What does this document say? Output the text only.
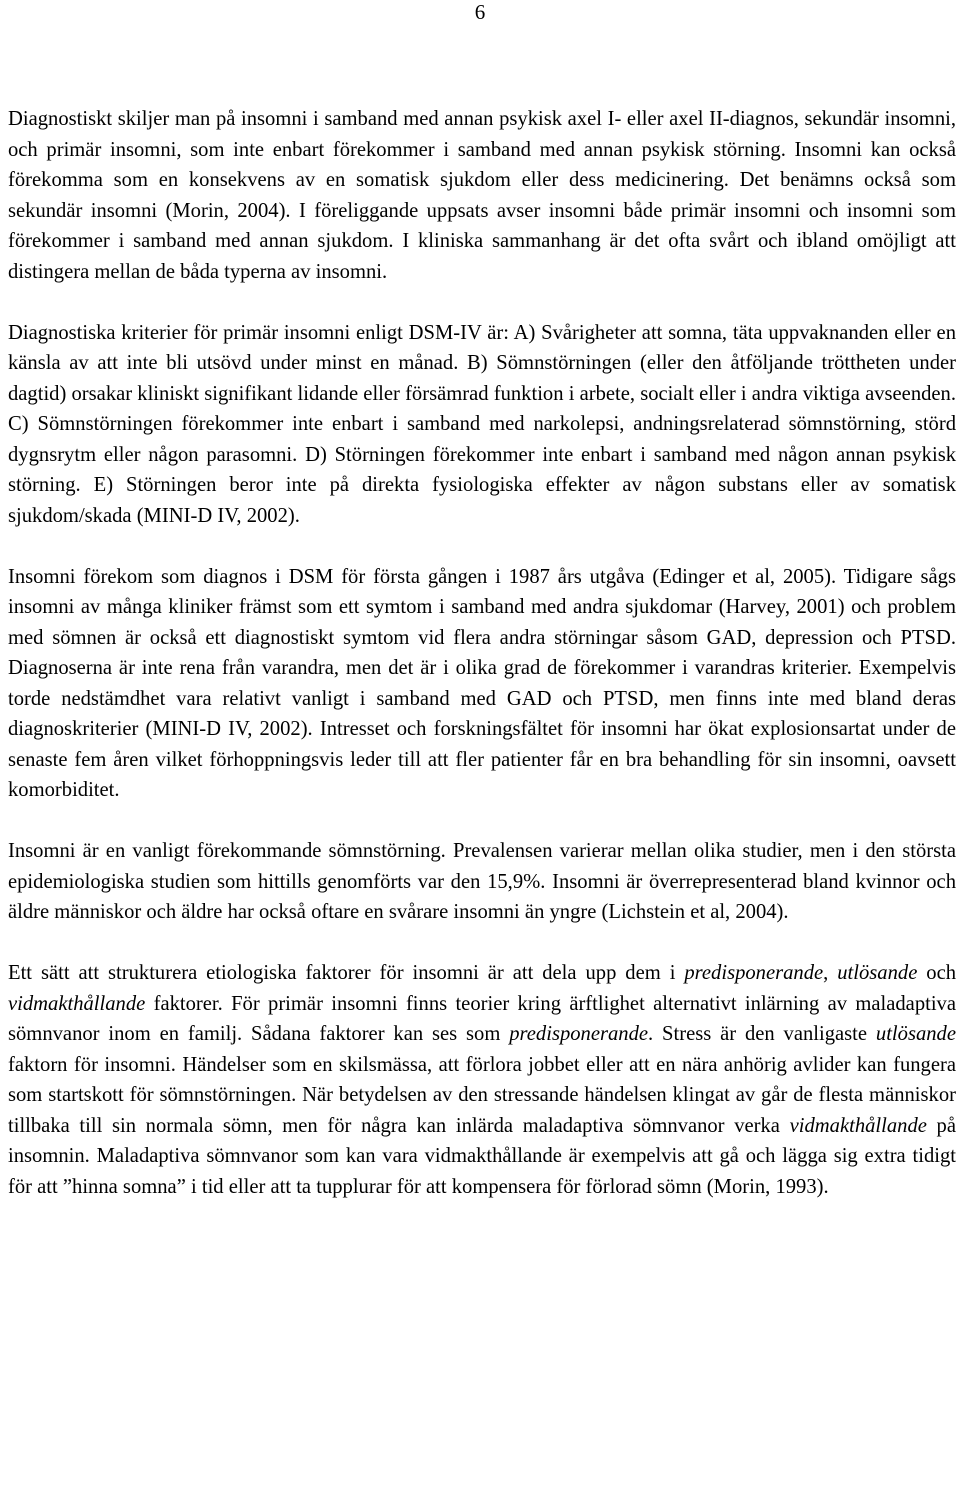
6

Diagnostiskt skiljer man på insomni i samband med annan psykisk axel I- eller axel II-diagnos, sekundär insomni, och primär insomni, som inte enbart förekommer i samband med annan psykisk störning. Insomni kan också förekomma som en konsekvens av en somatisk sjukdom eller dess medicinering. Det benämns också som sekundär insomni (Morin, 2004). I föreliggande uppsats avser insomni både primär insomni och insomni som förekommer i samband med annan sjukdom. I kliniska sammanhang är det ofta svårt och ibland omöjligt att distingera mellan de båda typerna av insomni.

Diagnostiska kriterier för primär insomni enligt DSM-IV är: A) Svårigheter att somna, täta uppvaknanden eller en känsla av att inte bli utsövd under minst en månad. B) Sömnstörningen (eller den åtföljande tröttheten under dagtid) orsakar kliniskt signifikant lidande eller försämrad funktion i arbete, socialt eller i andra viktiga avseenden. C) Sömnstörningen förekommer inte enbart i samband med narkolepsi, andningsrelaterad sömnstörning, störd dygnsrytm eller någon parasomni. D) Störningen förekommer inte enbart i samband med någon annan psykisk störning. E) Störningen beror inte på direkta fysiologiska effekter av någon substans eller av somatisk sjukdom/skada (MINI-D IV, 2002).

Insomni förekom som diagnos i DSM för första gången i 1987 års utgåva (Edinger et al, 2005). Tidigare sågs insomni av många kliniker främst som ett symtom i samband med andra sjukdomar (Harvey, 2001) och problem med sömnen är också ett diagnostiskt symtom vid flera andra störningar såsom GAD, depression och PTSD. Diagnoserna är inte rena från varandra, men det är i olika grad de förekommer i varandras kriterier. Exempelvis torde nedstämdhet vara relativt vanligt i samband med GAD och PTSD, men finns inte med bland deras diagnoskriterier (MINI-D IV, 2002). Intresset och forskningsfältet för insomni har ökat explosionsartat under de senaste fem åren vilket förhoppningsvis leder till att fler patienter får en bra behandling för sin insomni, oavsett komorbiditet.

Insomni är en vanligt förekommande sömnstörning. Prevalensen varierar mellan olika studier, men i den största epidemiologiska studien som hittills genomförts var den 15,9%. Insomni är överrepresenterad bland kvinnor och äldre människor och äldre har också oftare en svårare insomni än yngre (Lichstein et al, 2004).

Ett sätt att strukturera etiologiska faktorer för insomni är att dela upp dem i predisponerande, utlösande och vidmakthållande faktorer. För primär insomni finns teorier kring ärftlighet alternativt inlärning av maladaptiva sömnvanor inom en familj. Sådana faktorer kan ses som predisponerande. Stress är den vanligaste utlösande faktorn för insomni. Händelser som en skilsmässa, att förlora jobbet eller att en nära anhörig avlider kan fungera som startskott för sömnstörningen. När betydelsen av den stressande händelsen klingat av går de flesta människor tillbaka till sin normala sömn, men för några kan inlärda maladaptiva sömnvanor verka vidmakthållande på insomnin. Maladaptiva sömnvanor som kan vara vidmakthållande är exempelvis att gå och lägga sig extra tidigt för att ”hinna somna” i tid eller att ta tupplurar för att kompensera för förlorad sömn (Morin, 1993).
